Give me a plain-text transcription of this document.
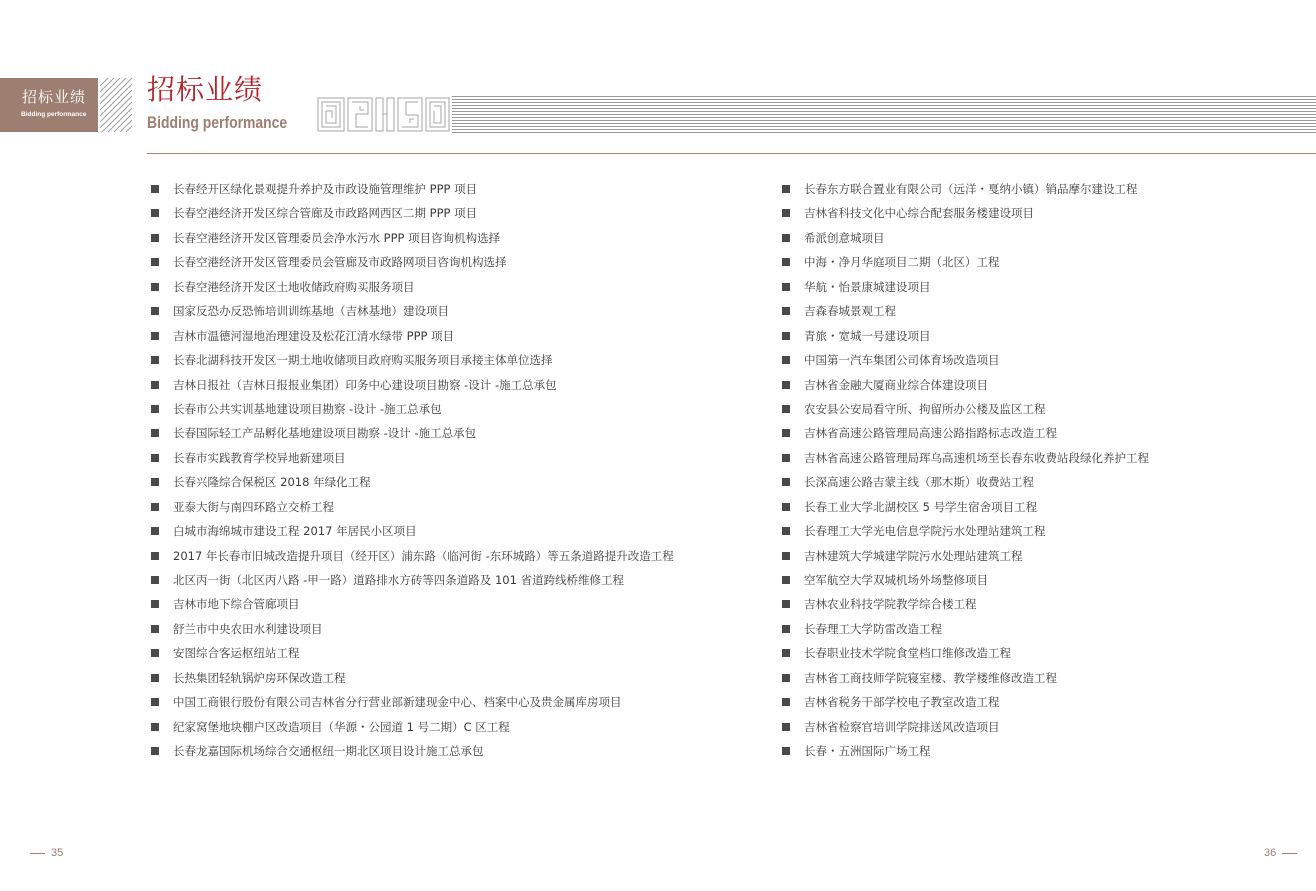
招标业绩
Bidding performance
招标业绩
Bidding performance
长春经开区绿化景观提升养护及市政设施管理维护 PPP 项目
长春空港经济开发区综合管廊及市政路网西区二期 PPP 项目
长春空港经济开发区管理委员会净水污水 PPP 项目咨询机构选择
长春空港经济开发区管理委员会管廊及市政路网项目咨询机构选择
长春空港经济开发区土地收储政府购买服务项目
国家反恐办反恐怖培训训练基地（吉林基地）建设项目
吉林市温德河湿地治理建设及松花江清水绿带 PPP 项目
长春北湖科技开发区一期土地收储项目政府购买服务项目承接主体单位选择
吉林日报社（吉林日报报业集团）印务中心建设项目勘察 -设计 -施工总承包
长春市公共实训基地建设项目勘察 -设计 -施工总承包
长春国际轻工产品孵化基地建设项目勘察 -设计 -施工总承包
长春市实践教育学校异地新建项目
长春兴隆综合保税区 2018 年绿化工程
亚泰大街与南四环路立交桥工程
白城市海绵城市建设工程 2017 年居民小区项目
2017 年长春市旧城改造提升项目（经开区）浦东路（临河街 -东环城路）等五条道路提升改造工程
北区丙一街（北区丙八路 -甲一路）道路排水方砖等四条道路及 101 省道跨线桥维修工程
吉林市地下综合管廊项目
舒兰市中央农田水利建设项目
安图综合客运枢纽站工程
长热集团轻轨锅炉房环保改造工程
中国工商银行股份有限公司吉林省分行营业部新建现金中心、档案中心及贵金属库房项目
纪家窝堡地块棚户区改造项目（华源・公园道 1 号二期）C 区工程
长春龙嘉国际机场综合交通枢纽一期北区项目设计施工总承包
长春东方联合置业有限公司（远洋・戛纳小镇）销品摩尔建设工程
吉林省科技文化中心综合配套服务楼建设项目
希派创意城项目
中海・净月华庭项目二期（北区）工程
华航・怡景康城建设项目
吉森春城景观工程
青旅・宽城一号建设项目
中国第一汽车集团公司体育场改造项目
吉林省金融大厦商业综合体建设项目
农安县公安局看守所、拘留所办公楼及监区工程
吉林省高速公路管理局高速公路指路标志改造工程
吉林省高速公路管理局珲乌高速机场至长春东收费站段绿化养护工程
长深高速公路吉蒙主线（那木斯）收费站工程
长春工业大学北湖校区 5 号学生宿舍项目工程
长春理工大学光电信息学院污水处理站建筑工程
吉林建筑大学城建学院污水处理站建筑工程
空军航空大学双城机场外场整修项目
吉林农业科技学院教学综合楼工程
长春理工大学防雷改造工程
长春职业技术学院食堂档口维修改造工程
吉林省工商技师学院寝室楼、教学楼维修改造工程
吉林省税务干部学校电子教室改造工程
吉林省检察官培训学院排送风改造项目
长春・五洲国际广场工程
35	36
